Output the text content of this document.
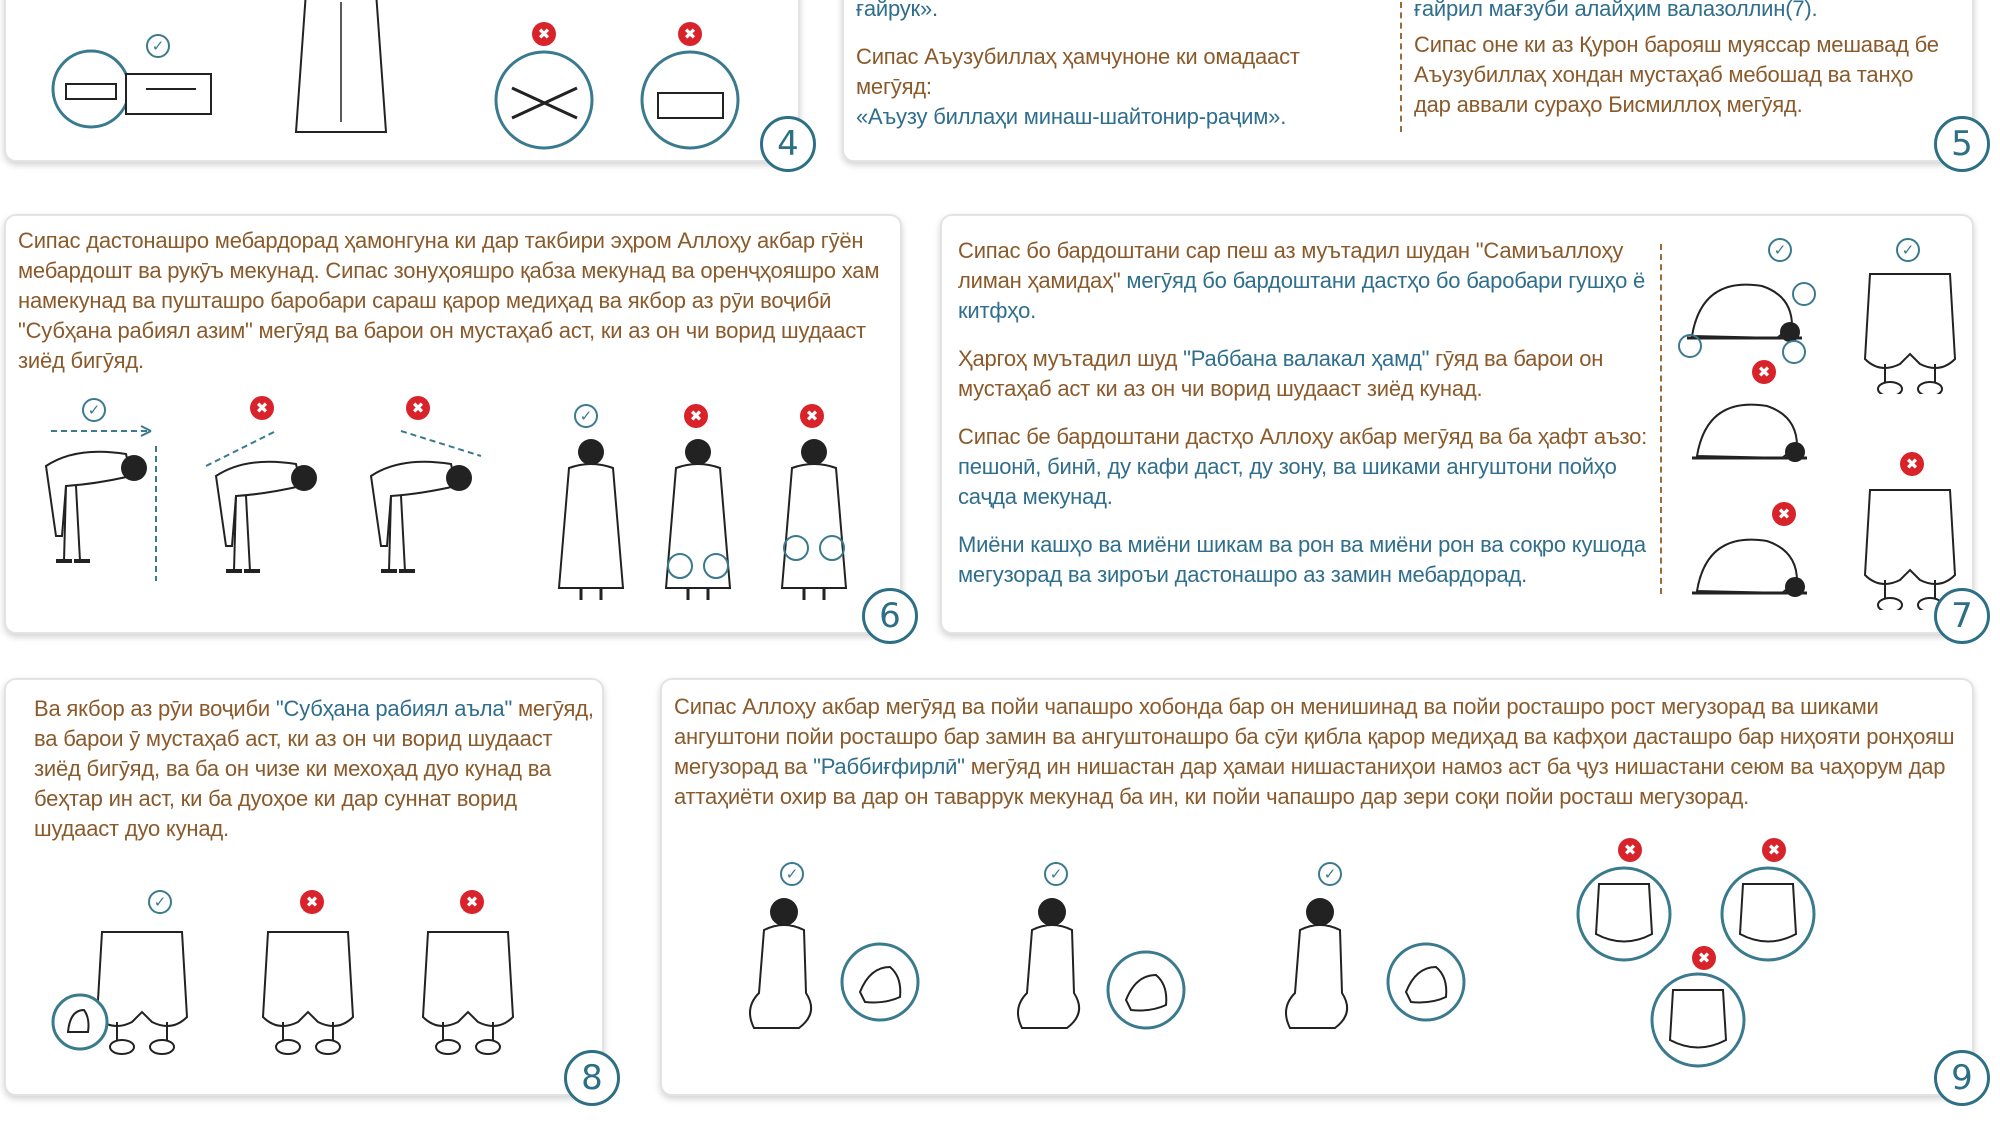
✓
✖	✖
4

ғайрук».

Сипас Аъузубиллаҳ ҳамчуноне ки омадааст мегӯяд:

«Аъузу биллаҳи минаш-шайтонир-раҷим».

ғайрил мағзуби алайҳим валазоллин(7).

Сипас оне ки аз Қурон барояш муяссар мешавад бе Аъузубиллаҳ хондан мустаҳаб мебошад ва танҳо дар аввали сураҳо Бисмиллоҳ мегӯяд.

5
Сипас дастонашро мебардорад ҳамонгуна ки дар такбири эҳром Аллоҳу акбар гӯён мебардошт ва рукӯъ мекунад. Сипас зонуҳояшро қабза мекунад ва оренҷҳояшро хам намекунад ва пушташро баробари сараш қарор медиҳад ва якбор аз рӯи воҷибӣ "Субҳана рабиял азим" мегӯяд ва барои он мустаҳаб аст, ки аз он чи ворид шудааст зиёд бигӯяд.
✓	✖	✖	✓	✖	✖
6

Сипас бо бардоштани сар пеш аз муътадил шудан "Самиъаллоҳу лиман ҳамидаҳ" мегӯяд бо бардоштани дастҳо бо баробари гушҳо ё китфҳо.

Ҳаргоҳ муътадил шуд "Раббана валакал ҳамд" гӯяд ва барои он мустаҳаб аст ки аз он чи ворид шудааст зиёд кунад.

Сипас бе бардоштани дастҳо Аллоҳу акбар мегӯяд ва ба ҳафт аъзо: пешонӣ, бинӣ, ду кафи даст, ду зону, ва шиками ангуштони пойҳо саҷда мекунад.

Миёни кашҳо ва миёни шикам ва рон ва миёни рон ва соқро кушода мегузорад ва зироъи дастонашро аз замин мебардорад.

✓	✓
✖
✖
✖
7
Ва якбор аз рӯи воҷиби "Субҳана рабиял аъла" мегӯяд, ва барои ӯ мустаҳаб аст, ки аз он чи ворид шудааст зиёд бигӯяд, ва ба он чизе ки мехоҳад дуо кунад ва беҳтар ин аст, ки ба дуоҳое ки дар суннат ворид шудааст дуо кунад.
✓	✖	✖
8
Сипас Аллоҳу акбар мегӯяд ва пойи чапашро хобонда бар он менишинад ва пойи росташро рост мегузорад ва шиками ангуштони пойи росташро бар замин ва ангуштонашро ба сӯи қибла қарор медиҳад ва кафҳои дасташро бар ниҳояти ронҳояш мегузорад ва "Раббиғфирлӣ" мегӯяд ин нишастан дар ҳамаи нишастаниҳои намоз аст ба ҷуз нишастани сеюм ва чаҳорум дар аттаҳиёти охир ва дар он таваррук мекунад ба ин, ки пойи чапашро дар зери соқи пойи росташ мегузорад.
✓	✓	✓
✖	✖
✖
9
